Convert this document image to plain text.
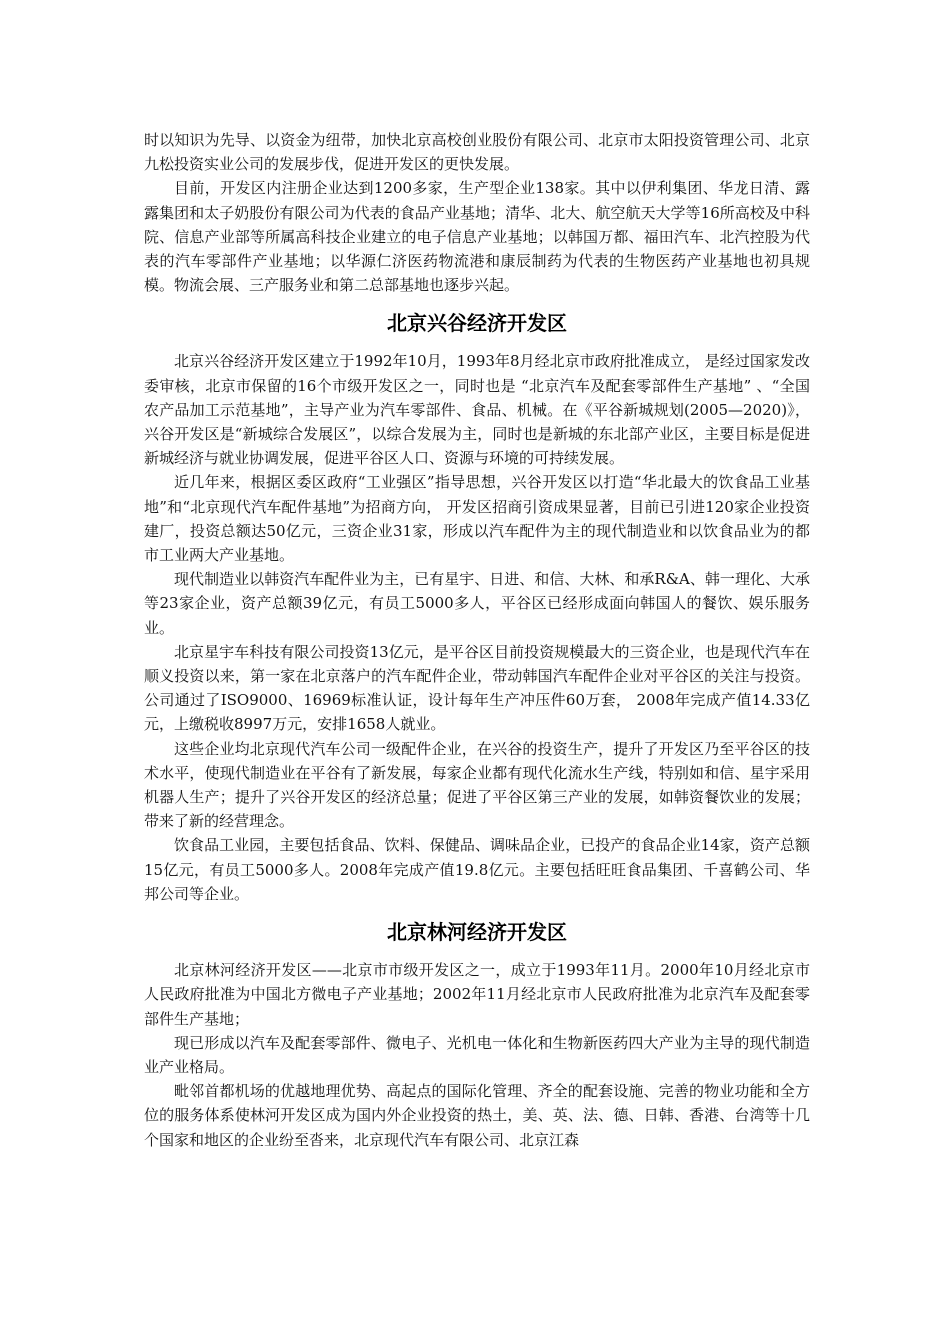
时以知识为先导、以资金为纽带，加快北京高校创业股份有限公司、北京市太阳投资管理公司、北京九松投资实业公司的发展步伐，促进开发区的更快发展。

目前，开发区内注册企业达到1200多家，生产型企业138家。其中以伊利集团、华龙日清、露露集团和太子奶股份有限公司为代表的食品产业基地；清华、北大、航空航天大学等16所高校及中科院、信息产业部等所属高科技企业建立的电子信息产业基地；以韩国万都、福田汽车、北汽控股为代表的汽车零部件产业基地；以华源仁济医药物流港和康辰制药为代表的生物医药产业基地也初具规模。物流会展、三产服务业和第二总部基地也逐步兴起。

北京兴谷经济开发区

北京兴谷经济开发区建立于1992年10月，1993年8月经北京市政府批准成立， 是经过国家发改委审核，北京市保留的16个市级开发区之一，同时也是 “北京汽车及配套零部件生产基地” 、“全国农产品加工示范基地”，主导产业为汽车零部件、食品、机械。在《平谷新城规划(2005—2020)》，兴谷开发区是“新城综合发展区”，以综合发展为主，同时也是新城的东北部产业区，主要目标是促进新城经济与就业协调发展，促进平谷区人口、资源与环境的可持续发展。

近几年来，根据区委区政府“工业强区”指导思想，兴谷开发区以打造“华北最大的饮食品工业基地”和“北京现代汽车配件基地”为招商方向， 开发区招商引资成果显著，目前已引进120家企业投资建厂，投资总额达50亿元，三资企业31家，形成以汽车配件为主的现代制造业和以饮食品业为的都市工业两大产业基地。

现代制造业以韩资汽车配件业为主，已有星宇、日进、和信、大林、和承R&A、韩一理化、大承等23家企业，资产总额39亿元，有员工5000多人，平谷区已经形成面向韩国人的餐饮、娱乐服务业。

北京星宇车科技有限公司投资13亿元，是平谷区目前投资规模最大的三资企业，也是现代汽车在顺义投资以来，第一家在北京落户的汽车配件企业，带动韩国汽车配件企业对平谷区的关注与投资。公司通过了ISO9000、16969标准认证，设计每年生产冲压件60万套， 2008年完成产值14.33亿元，上缴税收8997万元，安排1658人就业。

这些企业均北京现代汽车公司一级配件企业，在兴谷的投资生产，提升了开发区乃至平谷区的技术水平，使现代制造业在平谷有了新发展，每家企业都有现代化流水生产线，特别如和信、星宇采用机器人生产；提升了兴谷开发区的经济总量；促进了平谷区第三产业的发展，如韩资餐饮业的发展；带来了新的经营理念。

饮食品工业园，主要包括食品、饮料、保健品、调味品企业，已投产的食品企业14家，资产总额15亿元，有员工5000多人。2008年完成产值19.8亿元。主要包括旺旺食品集团、千喜鹤公司、华邦公司等企业。

北京林河经济开发区

北京林河经济开发区——北京市市级开发区之一，成立于1993年11月。2000年10月经北京市人民政府批准为中国北方微电子产业基地；2002年11月经北京市人民政府批准为北京汽车及配套零部件生产基地；

现已形成以汽车及配套零部件、微电子、光机电一体化和生物新医药四大产业为主导的现代制造业产业格局。

毗邻首都机场的优越地理优势、高起点的国际化管理、齐全的配套设施、完善的物业功能和全方位的服务体系使林河开发区成为国内外企业投资的热土，美、英、法、德、日韩、香港、台湾等十几个国家和地区的企业纷至沓来，北京现代汽车有限公司、北京江森
